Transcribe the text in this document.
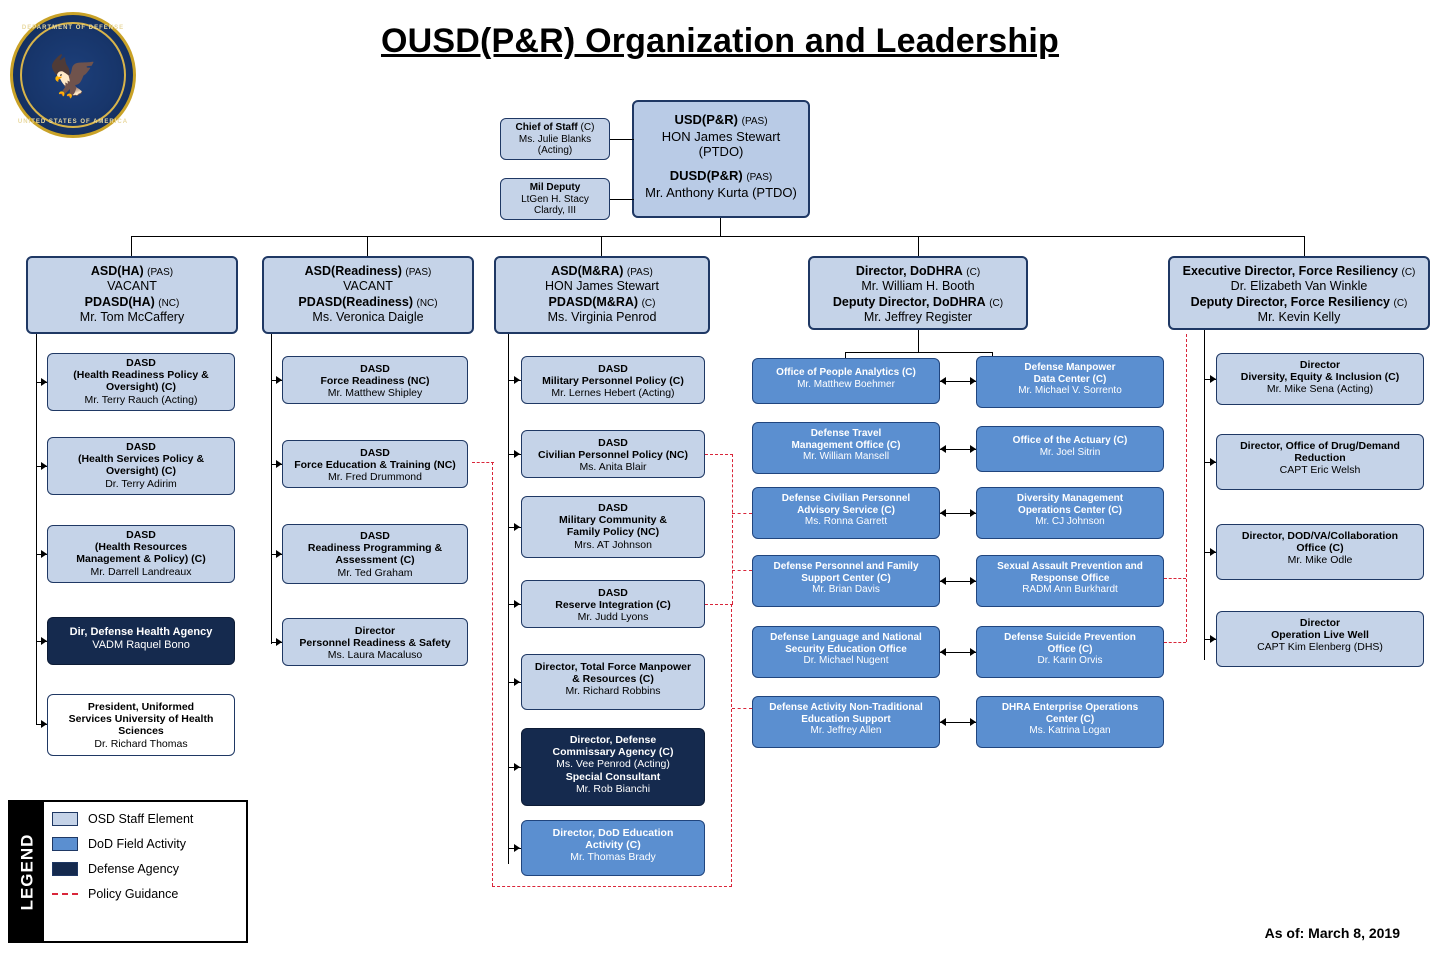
DEPARTMENT OF DEFENSE
🦅
UNITED STATES OF AMERICA
OUSD(P&R) Organization and Leadership
USD(P&R) (PAS)
HON James Stewart (PTDO)
DUSD(P&R) (PAS)
Mr. Anthony Kurta (PTDO)
Chief of Staff (C)
Ms. Julie Blanks
(Acting)
Mil Deputy
LtGen H. Stacy
Clardy, III
ASD(HA) (PAS)
VACANT
PDASD(HA) (NC)
Mr. Tom McCaffery
ASD(Readiness) (PAS)
VACANT
PDASD(Readiness) (NC)
Ms. Veronica Daigle
ASD(M&RA) (PAS)
HON James Stewart
PDASD(M&RA) (C)
Ms. Virginia Penrod
Director, DoDHRA (C)
Mr. William H. Booth
Deputy Director, DoDHRA (C)
Mr. Jeffrey Register
Executive Director, Force Resiliency (C)
Dr. Elizabeth Van Winkle
Deputy Director, Force Resiliency (C)
Mr. Kevin Kelly
DASD
(Health Readiness Policy &
Oversight) (C)
Mr. Terry Rauch (Acting)
DASD
(Health Services Policy &
Oversight) (C)
Dr. Terry Adirim
DASD
(Health Resources
Management & Policy) (C)
Mr. Darrell Landreaux
Dir, Defense Health Agency
VADM Raquel Bono
President, Uniformed
Services University of Health
Sciences
Dr. Richard Thomas
DASD
Force Readiness (NC)
Mr. Matthew Shipley
DASD
Force Education & Training (NC)
Mr. Fred Drummond
DASD
Readiness Programming &
Assessment (C)
Mr. Ted Graham
Director
Personnel Readiness & Safety
Ms. Laura Macaluso
DASD
Military Personnel Policy (C)
Mr. Lernes Hebert (Acting)
DASD
Civilian Personnel Policy (NC)
Ms. Anita Blair
DASD
Military Community &
Family Policy (NC)
Mrs. AT Johnson
DASD
Reserve Integration (C)
Mr. Judd Lyons
Director, Total Force Manpower
& Resources (C)
Mr. Richard Robbins
Director, Defense
Commissary Agency (C)
Ms. Vee Penrod (Acting)
Special Consultant
Mr. Rob Bianchi
Director, DoD Education
Activity (C)
Mr. Thomas Brady
Office of People Analytics (C)
Mr. Matthew Boehmer
Defense Travel
Management Office (C)
Mr. William Mansell
Defense Civilian Personnel
Advisory Service (C)
Ms. Ronna Garrett
Defense Personnel and Family
Support Center (C)
Mr. Brian Davis
Defense Language and National
Security Education Office
Dr. Michael Nugent
Defense Activity Non-Traditional
Education Support
Mr. Jeffrey Allen
Defense Manpower
Data Center (C)
Mr. Michael V. Sorrento
Office of the Actuary (C)
Mr. Joel Sitrin
Diversity Management
Operations Center (C)
Mr. CJ Johnson
Sexual Assault Prevention and
Response Office
RADM Ann Burkhardt
Defense Suicide Prevention
Office (C)
Dr. Karin Orvis
DHRA Enterprise Operations
Center (C)
Ms. Katrina Logan
Director
Diversity, Equity & Inclusion (C)
Mr. Mike Sena (Acting)
Director, Office of Drug/Demand
Reduction
CAPT Eric Welsh
Director, DOD/VA/Collaboration
Office (C)
Mr. Mike Odle
Director
Operation Live Well
CAPT Kim Elenberg (DHS)
LEGEND
OSD Staff Element
DoD Field Activity
Defense Agency
Policy Guidance
As of: March 8, 2019
